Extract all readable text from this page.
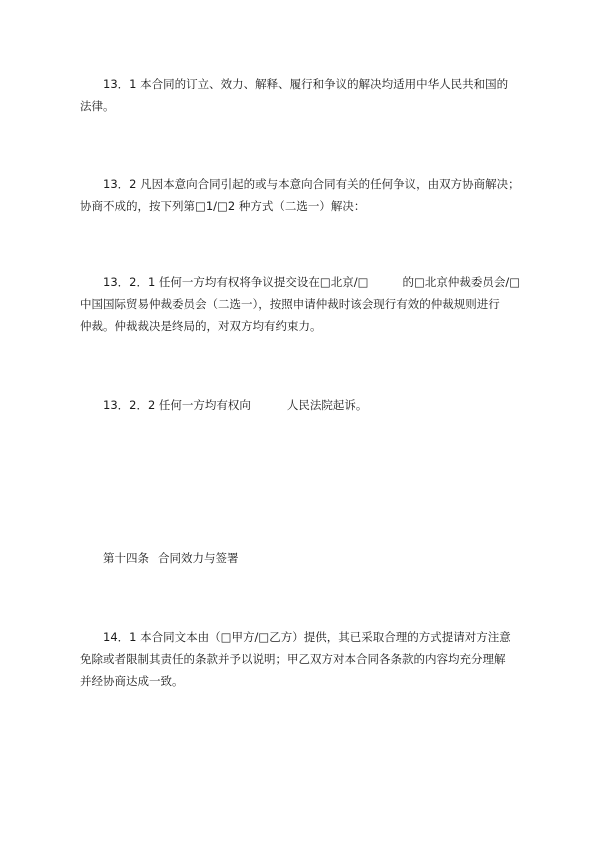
13．1 本合同的订立、效力、解释、履行和争议的解决均适用中华人民共和国的
法律。

13．2 凡因本意向合同引起的或与本意向合同有关的任何争议，由双方协商解决；
协商不成的，按下列第□1/□2 种方式（二选一）解决：

13．2．1 任何一方均有权将争议提交设在□北京/□	的□北京仲裁委员会/□
中国国际贸易仲裁委员会（二选一），按照申请仲裁时该会现行有效的仲裁规则进行
仲裁。仲裁裁决是终局的，对双方均有约束力。

13．2．2 任何一方均有权向	人民法院起诉。

第十四条 合同效力与签署

14．1 本合同文本由（□甲方/□乙方）提供，其已采取合理的方式提请对方注意
免除或者限制其责任的条款并予以说明；甲乙双方对本合同各条款的内容均充分理解
并经协商达成一致。
